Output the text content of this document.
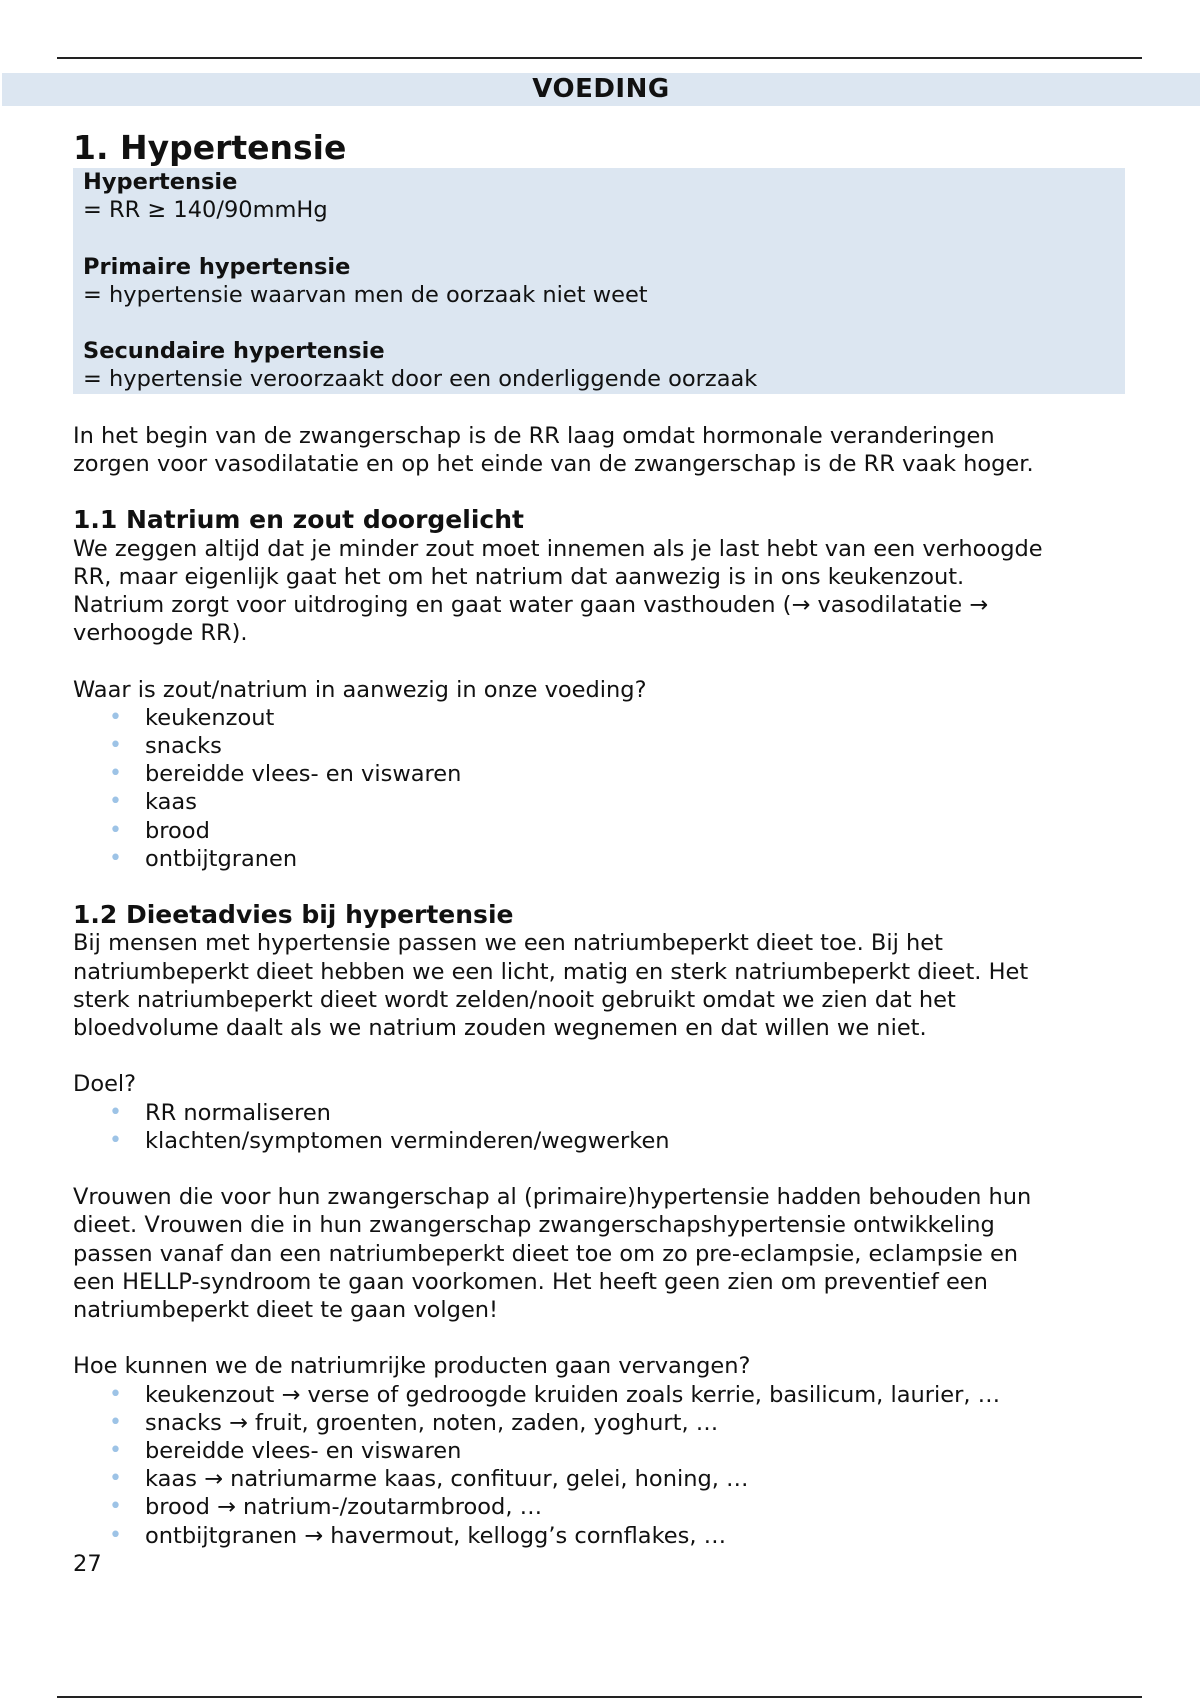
VOEDING
1. Hypertensie
Hypertensie
= RR ≥ 140/90mmHg
Primaire hypertensie
= hypertensie waarvan men de oorzaak niet weet
Secundaire hypertensie
= hypertensie veroorzaakt door een onderliggende oorzaak

In het begin van de zwangerschap is de RR laag omdat hormonale veranderingen
zorgen voor vasodilatatie en op het einde van de zwangerschap is de RR vaak hoger.

1.1 Natrium en zout doorgelicht

We zeggen altijd dat je minder zout moet innemen als je last hebt van een verhoogde
RR, maar eigenlijk gaat het om het natrium dat aanwezig is in ons keukenzout.
Natrium zorgt voor uitdroging en gaat water gaan vasthouden (→ vasodilatatie →
verhoogde RR).

Waar is zout/natrium in aanwezig in onze voeding?

• keukenzout
• snacks
• bereidde vlees- en viswaren
• kaas
• brood
• ontbijtgranen
1.2 Dieetadvies bij hypertensie

Bij mensen met hypertensie passen we een natriumbeperkt dieet toe. Bij het
natriumbeperkt dieet hebben we een licht, matig en sterk natriumbeperkt dieet. Het
sterk natriumbeperkt dieet wordt zelden/nooit gebruikt omdat we zien dat het
bloedvolume daalt als we natrium zouden wegnemen en dat willen we niet.

Doel?

• RR normaliseren
• klachten/symptomen verminderen/wegwerken

Vrouwen die voor hun zwangerschap al (primaire)hypertensie hadden behouden hun
dieet. Vrouwen die in hun zwangerschap zwangerschapshypertensie ontwikkeling
passen vanaf dan een natriumbeperkt dieet toe om zo pre-eclampsie, eclampsie en
een HELLP-syndroom te gaan voorkomen. Het heeft geen zien om preventief een
natriumbeperkt dieet te gaan volgen!

Hoe kunnen we de natriumrijke producten gaan vervangen?

• keukenzout → verse of gedroogde kruiden zoals kerrie, basilicum, laurier, …
• snacks → fruit, groenten, noten, zaden, yoghurt, …
• bereidde vlees- en viswaren
• kaas → natriumarme kaas, confituur, gelei, honing, …
• brood → natrium-/zoutarmbrood, …
• ontbijtgranen → havermout, kellogg’s cornflakes, …
27
